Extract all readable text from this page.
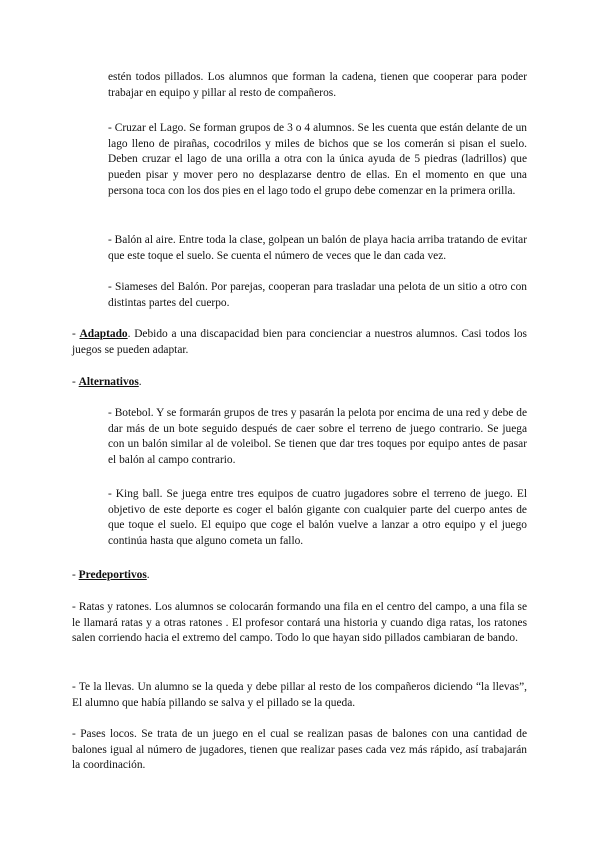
estén todos pillados. Los alumnos que forman la cadena, tienen que cooperar para poder trabajar en equipo y pillar al resto de compañeros.

- Cruzar el Lago. Se forman grupos de 3 o 4 alumnos. Se les cuenta que están delante de un lago lleno de pirañas, cocodrilos y miles de bichos que se los comerán si pisan el suelo. Deben cruzar el lago de una orilla a otra con la única ayuda de 5 piedras (ladrillos) que pueden pisar y mover pero no desplazarse dentro de ellas. En el momento en que una persona toca con los dos pies en el lago todo el grupo debe comenzar en la primera orilla.

- Balón al aire. Entre toda la clase, golpean un balón de playa hacia arriba tratando de evitar que este toque el suelo. Se cuenta el número de veces que le dan cada vez.

- Siameses del Balón. Por parejas, cooperan para trasladar una pelota de un sitio a otro con distintas partes del cuerpo.

- Adaptado. Debido a una discapacidad bien para concienciar a nuestros alumnos. Casi todos los juegos se pueden adaptar.

- Alternativos.

- Botebol. Y se formarán grupos de tres y pasarán la pelota por encima de una red y debe de dar más de un bote seguido después de caer sobre el terreno de juego contrario. Se juega con un balón similar al de voleibol. Se tienen que dar tres toques por equipo antes de pasar el balón al campo contrario.

- King ball. Se juega entre tres equipos de cuatro jugadores sobre el terreno de juego. El objetivo de este deporte es coger el balón gigante con cualquier parte del cuerpo antes de que toque el suelo. El equipo que coge el balón vuelve a lanzar a otro equipo y el juego continúa hasta que alguno cometa un fallo.

- Predeportivos.

- Ratas y ratones. Los alumnos se colocarán formando una fila en el centro del campo, a una fila se le llamará ratas y a otras ratones . El profesor contará una historia y cuando diga ratas, los ratones salen corriendo hacia el extremo del campo. Todo lo que hayan sido pillados cambiaran de bando.

- Te la llevas. Un alumno se la queda y debe pillar al resto de los compañeros diciendo “la llevas”, El alumno que había pillando se salva y el pillado se la queda.

- Pases locos. Se trata de un juego en el cual se realizan pasas de balones con una cantidad de balones igual al número de jugadores, tienen que realizar pases cada vez más rápido, así trabajarán la coordinación.
